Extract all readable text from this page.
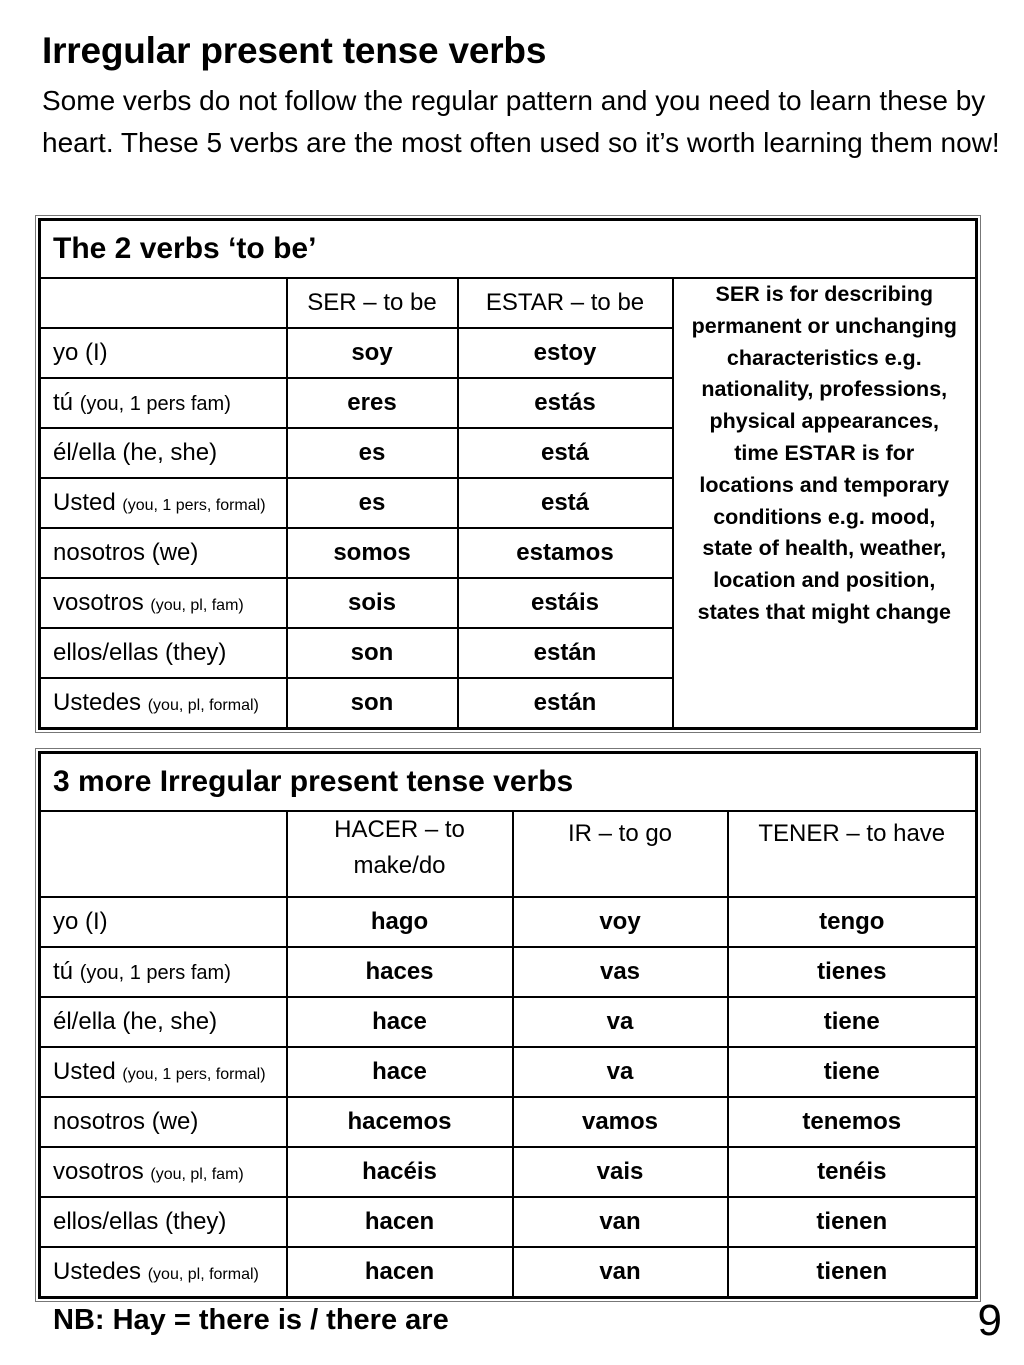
Irregular present tense verbs

Some verbs do not follow the regular pattern and you need to learn these by heart. These 5 verbs are the most often used so it’s worth learning them now!

The 2 verbs ‘to be’			
	SER – to be	ESTAR – to be	SER is for describing permanent or unchanging characteristics e.g. nationality, professions, physical appearances, time ESTAR is for locations and temporary conditions e.g. mood, state of health, weather, location and position, states that might change
yo (I)	soy	estoy	
tú (you, 1 pers fam)	eres	estás	
él/ella (he, she)	es	está	
Usted (you, 1 pers, formal)	es	está	
nosotros (we)	somos	estamos	
vosotros (you, pl, fam)	sois	estáis	
ellos/ellas (they)	son	están	
Ustedes (you, pl, formal)	son	están	
3 more Irregular present tense verbs			
	HACER – to make/do	IR – to go	TENER – to have
yo (I)	hago	voy	tengo
tú (you, 1 pers fam)	haces	vas	tienes
él/ella (he, she)	hace	va	tiene
Usted (you, 1 pers, formal)	hace	va	tiene
nosotros (we)	hacemos	vamos	tenemos
vosotros (you, pl, fam)	hacéis	vais	tenéis
ellos/ellas (they)	hacen	van	tienen
Ustedes (you, pl, formal)	hacen	van	tienen
NB: Hay = there is / there are	9
